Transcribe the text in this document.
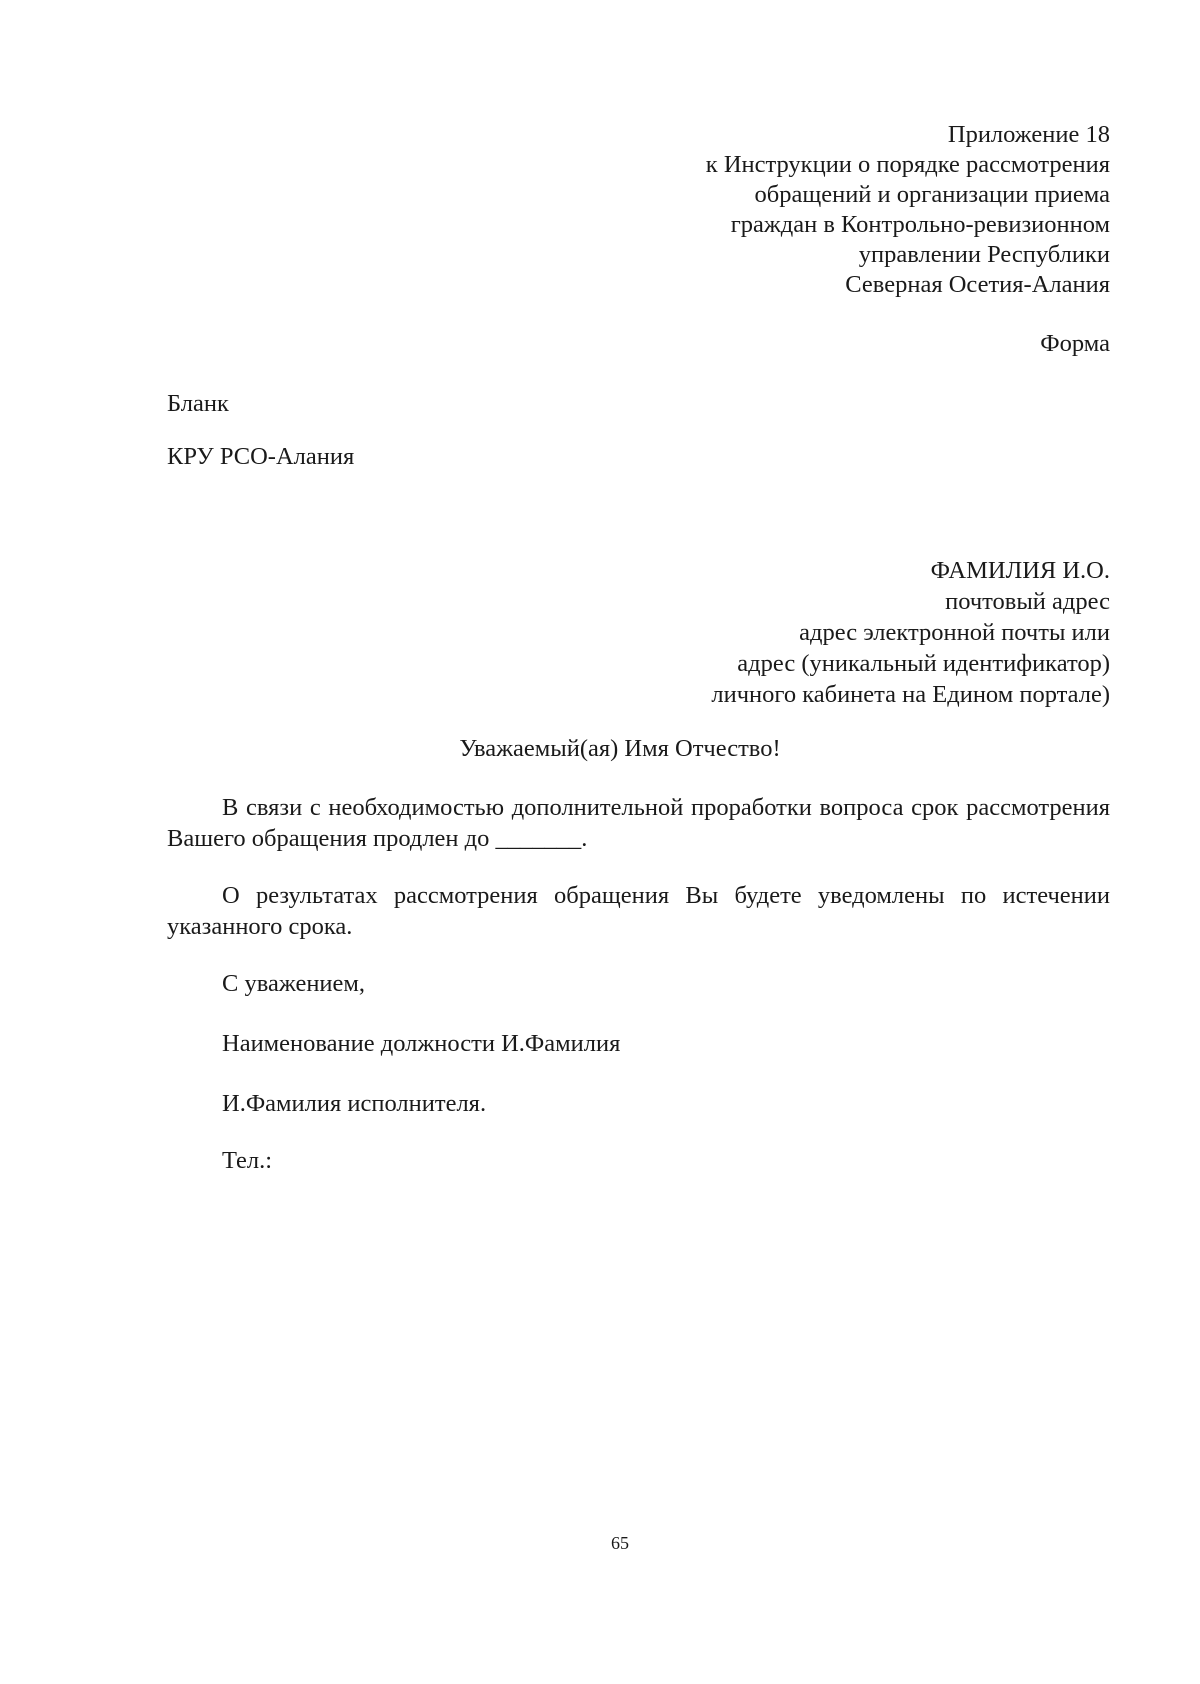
Приложение 18
к Инструкции о порядке рассмотрения
обращений и организации приема
граждан в Контрольно-ревизионном
управлении Республики
Северная Осетия-Алания
Форма
Бланк
КРУ РСО-Алания
ФАМИЛИЯ И.О.
почтовый адрес
адрес электронной почты или
адрес (уникальный идентификатор)
личного кабинета на Едином портале)
Уважаемый(ая) Имя Отчество!
В связи с необходимостью дополнительной проработки вопроса срок рассмотрения Вашего обращения продлен до _______.
О результатах рассмотрения обращения Вы будете уведомлены по истечении указанного срока.
С уважением,
Наименование должности И.Фамилия
И.Фамилия исполнителя.
Тел.:
65
